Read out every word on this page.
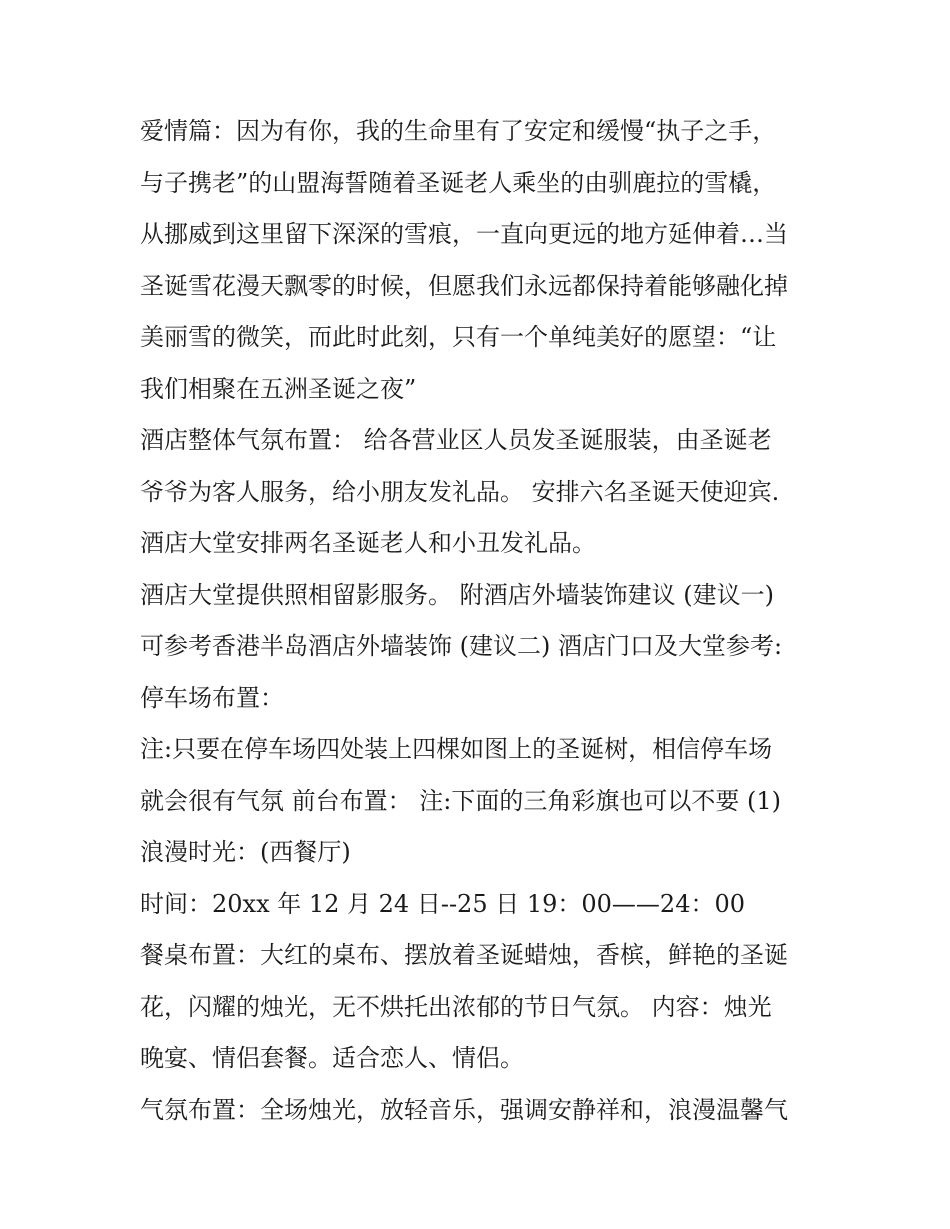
爱情篇：因为有你，我的生命里有了安定和缓慢“执子之手，
与子携老”的山盟海誓随着圣诞老人乘坐的由驯鹿拉的雪橇，
从挪威到这里留下深深的雪痕，一直向更远的地方延伸着…当
圣诞雪花漫天飘零的时候，但愿我们永远都保持着能够融化掉
美丽雪的微笑，而此时此刻，只有一个单纯美好的愿望：“让
我们相聚在五洲圣诞之夜”
酒店整体气氛布置： 给各营业区人员发圣诞服装，由圣诞老
爷爷为客人服务，给小朋友发礼品。 安排六名圣诞天使迎宾.
酒店大堂安排两名圣诞老人和小丑发礼品。
酒店大堂提供照相留影服务。 附酒店外墙装饰建议 (建议一)
可参考香港半岛酒店外墙装饰 (建议二) 酒店门口及大堂参考:
停车场布置：
注:只要在停车场四处装上四棵如图上的圣诞树，相信停车场
就会很有气氛 前台布置： 注:下面的三角彩旗也可以不要 (1)
浪漫时光：(西餐厅)
时间：20xx 年 12 月 24 日--25 日 19：00——24：00
餐桌布置：大红的桌布、摆放着圣诞蜡烛，香槟，鲜艳的圣诞
花，闪耀的烛光，无不烘托出浓郁的节日气氛。 内容：烛光
晚宴、情侣套餐。适合恋人、情侣。
气氛布置：全场烛光，放轻音乐，强调安静祥和，浪漫温馨气
